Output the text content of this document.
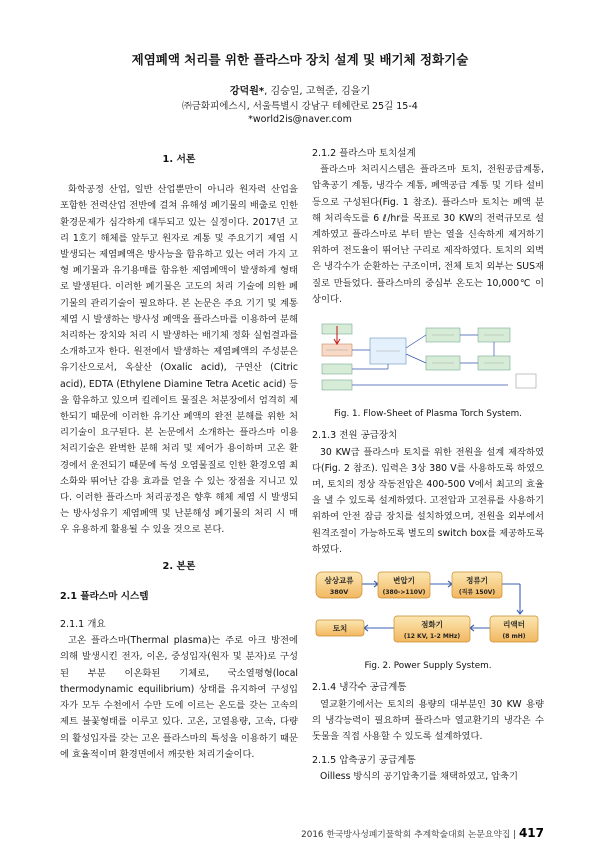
제염폐액 처리를 위한 플라스마 장치 설계 및 배기체 정화기술
강덕원*, 김승일, 고혁준, 김을기
㈜금화피에스시, 서울특별시 강남구 테헤란로 25길 15-4
*world2is@naver.com
1. 서론

화학공정 산업, 일반 산업뿐만이 아니라 원자력 산업을 포함한 전력산업 전반에 걸쳐 유해성 폐기물의 배출로 인한 환경문제가 심각하게 대두되고 있는 실정이다. 2017년 고리 1호기 해체를 앞두고 원자로 계통 및 주요기기 제염 시 발생되는 제염폐액은 방사능을 함유하고 있는 여러 가지 고형 폐기물과 유기용매를 함유한 제염폐액이 발생하게 형태로 발생된다. 이러한 폐기물은 고도의 처리 기술에 의한 폐기물의 관리기술이 필요하다. 본 논문은 주요 기기 및 계통 제염 시 발생하는 방사성 폐액을 플라스마를 이용하여 분해 처리하는 장치와 처리 시 발생하는 배기체 정화 실험결과를 소개하고자 한다. 원전에서 발생하는 제염폐액의 주성분은 유기산으로서, 옥살산 (Oxalic acid), 구연산 (Citric acid), EDTA (Ethylene Diamine Tetra Acetic acid) 등을 함유하고 있으며 킬레이트 물질은 처분장에서 엄격히 제한되기 때문에 이러한 유기산 폐액의 완전 분해를 위한 처리기술이 요구된다. 본 논문에서 소개하는 플라스마 이용 처리기술은 완벽한 분해 처리 및 제어가 용이하며 고온 환경에서 운전되기 때문에 독성 오염물질로 인한 환경오염 최소화와 뛰어난 감용 효과를 얻을 수 있는 장점을 지니고 있다. 이러한 플라스마 처리공정은 향후 해체 제염 시 발생되는 방사성유기 제염폐액 및 난분해성 폐기물의 처리 시 매우 유용하게 활용될 수 있을 것으로 본다.

2. 본론
2.1 플라스마 시스템

2.1.1 개요

고온 플라스마(Thermal plasma)는 주로 아크 방전에 의해 발생시킨 전자, 이온, 중성입자(원자 및 분자)로 구성된 부분 이온화된 기체로, 국소열평형(local thermodynamic equilibrium) 상태를 유지하여 구성입자가 모두 수천에서 수만 도에 이르는 온도를 갖는 고속의 제트 불꽃형태를 이루고 있다. 고온, 고열용량, 고속, 다량의 활성입자를 갖는 고온 플라스마의 특성을 이용하기 때문에 효율적이며 환경면에서 깨끗한 처리기술이다.

2.1.2 플라스마 토치설계

플라스마 처리시스템은 플라즈마 토치, 전원공급계통, 압축공기 계통, 냉각수 계통, 폐액공급 계통 및 기타 설비 등으로 구성된다(Fig. 1 참조). 플라스마 토치는 폐액 분해 처리속도를 6 ℓ/hr를 목표로 30 KW의 전력규모로 설계하였고 플라스마로 부터 받는 열을 신속하게 제거하기 위하여 전도율이 뛰어난 구리로 제작하였다. 토치의 외벽은 냉각수가 순환하는 구조이며, 전체 토치 외부는 SUS재질로 만들었다. 플라스마의 중심부 온도는 10,000℃ 이상이다.

Fig. 1. Flow-Sheet of Plasma Torch System.

2.1.3 전원 공급장치

30 KW급 플라스마 토치를 위한 전원을 설계 제작하였다(Fig. 2 참조). 입력은 3상 380 V를 사용하도록 하였으며, 토치의 정상 작동전압은 400-500 V에서 최고의 효율을 낼 수 있도록 설계하였다. 고전압과 고전류를 사용하기 위하여 안전 잠금 장치를 설치하였으며, 전원을 외부에서 원격조절이 가능하도록 별도의 switch box를 제공하도록 하였다.

삼상교류
380V
변압기
(380->110V)
정류기
(직류 150V)
토치	점화기
(12 KV, 1-2 MHz)
리액터
(8 mH)
Fig. 2. Power Supply System.

2.1.4 냉각수 공급계통

열교환기에서는 토치의 용량의 대부분인 30 KW 용량의 냉각능력이 필요하며 플라스마 열교환기의 냉각은 수돗물을 직접 사용할 수 있도록 설계하였다.

2.1.5 압축공기 공급계통

Oilless 방식의 공기압축기를 채택하였고, 압축기

2016 한국방사성폐기물학회 추계학술대회 논문요약집 | 417
